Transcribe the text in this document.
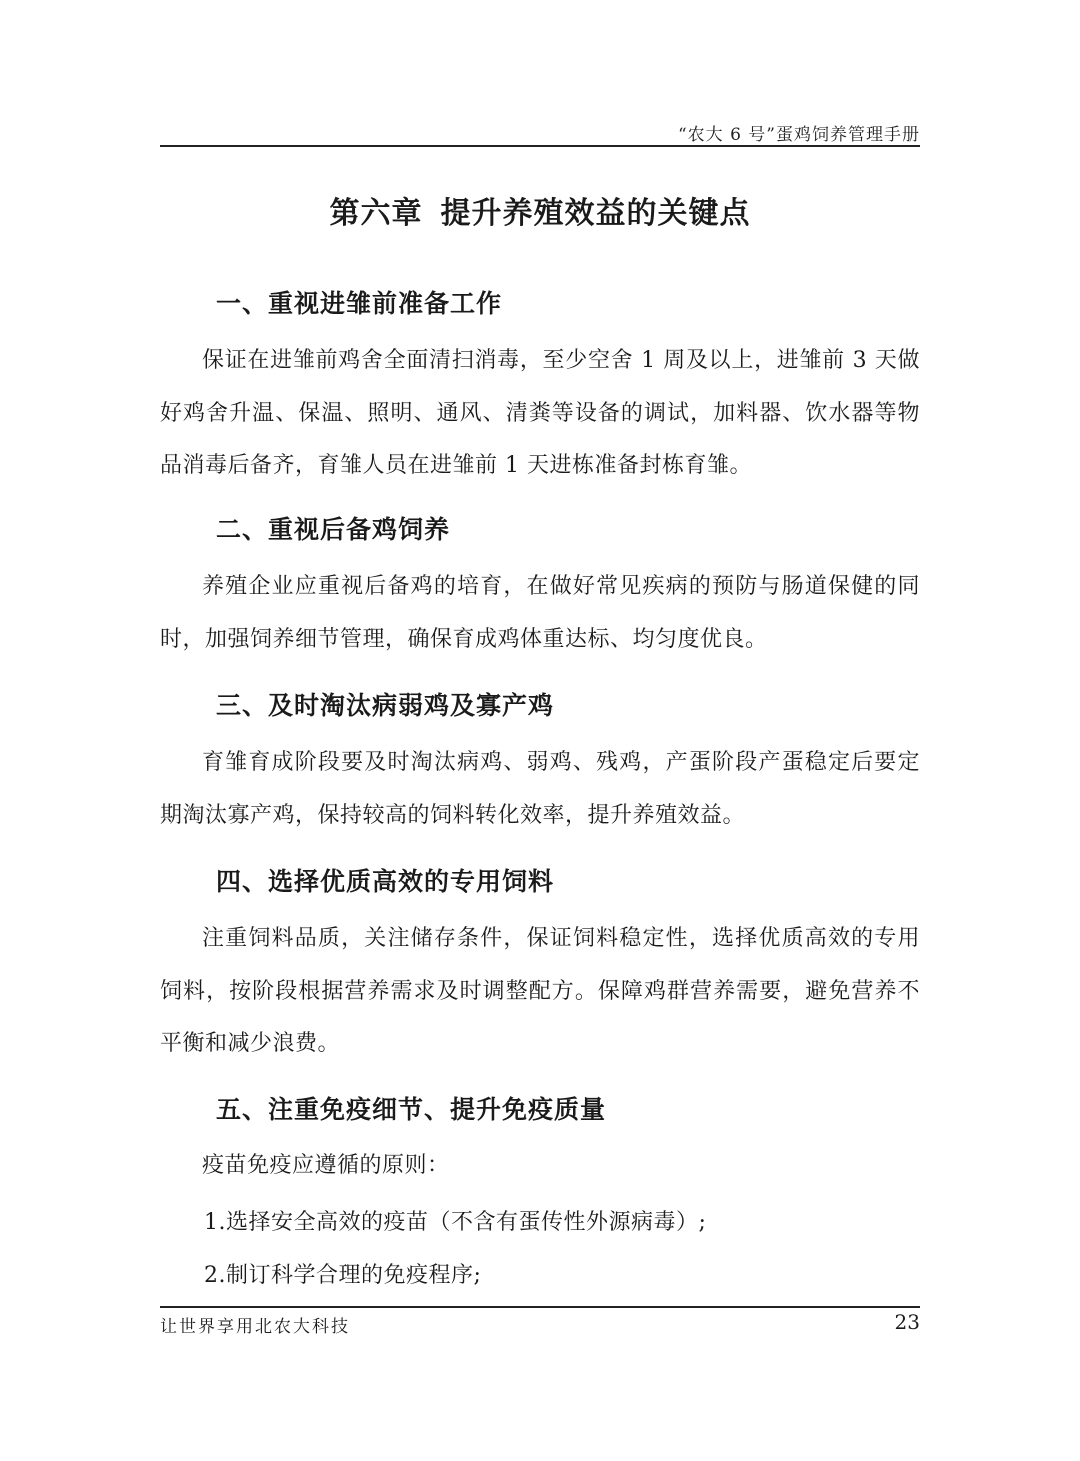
“农大 6 号”蛋鸡饲养管理手册
第六章 提升养殖效益的关键点
一、重视进雏前准备工作
保证在进雏前鸡舍全面清扫消毒，至少空舍 1 周及以上，进雏前 3 天做好鸡舍升温、保温、照明、通风、清粪等设备的调试，加料器、饮水器等物品消毒后备齐，育雏人员在进雏前 1 天进栋准备封栋育雏。
二、重视后备鸡饲养
养殖企业应重视后备鸡的培育，在做好常见疾病的预防与肠道保健的同时，加强饲养细节管理，确保育成鸡体重达标、均匀度优良。
三、及时淘汰病弱鸡及寡产鸡
育雏育成阶段要及时淘汰病鸡、弱鸡、残鸡，产蛋阶段产蛋稳定后要定期淘汰寡产鸡，保持较高的饲料转化效率，提升养殖效益。
四、选择优质高效的专用饲料
注重饲料品质，关注储存条件，保证饲料稳定性，选择优质高效的专用饲料，按阶段根据营养需求及时调整配方。保障鸡群营养需要，避免营养不平衡和减少浪费。
五、注重免疫细节、提升免疫质量
疫苗免疫应遵循的原则：
1.选择安全高效的疫苗（不含有蛋传性外源病毒）;
2.制订科学合理的免疫程序;
让世界享用北农大科技	23
